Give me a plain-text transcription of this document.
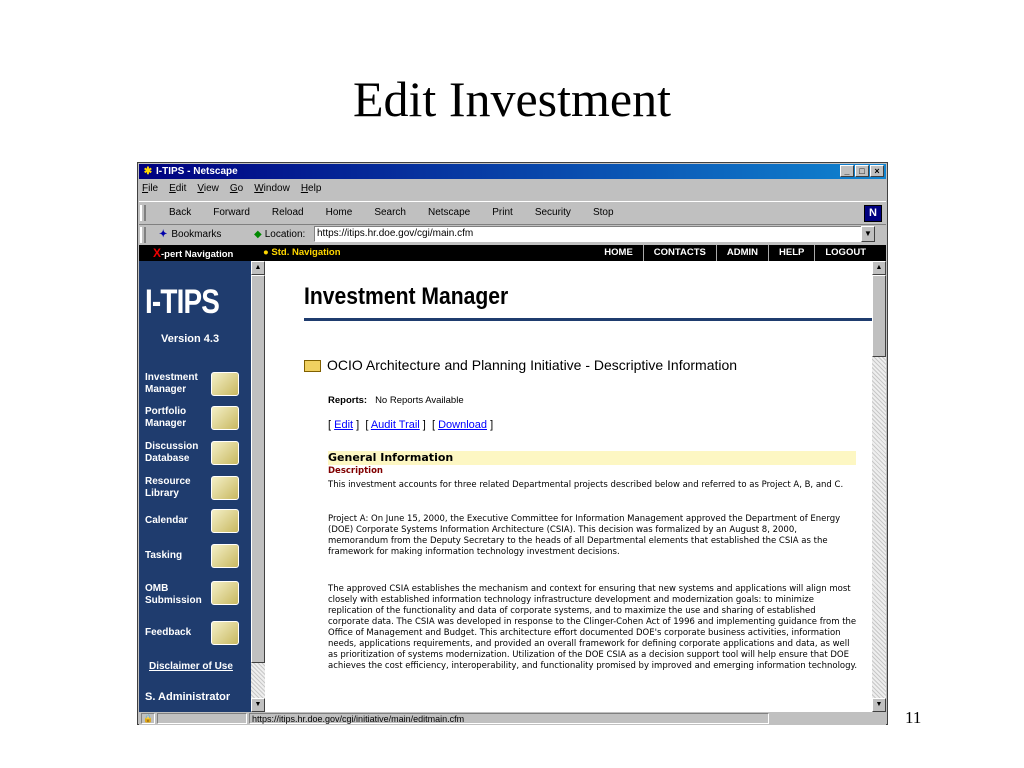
Edit Investment
11
✱ I-TIPS - Netscape	_	□	×
File Edit View Go Window Help
Back Forward Reload Home Search Netscape Print Security Stop	N
✦ Bookmarks	◆ Location:	https://itips.hr.doe.gov/cgi/main.cfm	▼
X-pert Navigation	● Std. Navigation	HOME	CONTACTS	ADMIN	HELP	LOGOUT
I-TIPS
Version 4.3
Investment
Manager
Portfolio
Manager
Discussion
Database
Resource
Library
Calendar
Tasking
OMB
Submission
Feedback
Disclaimer of Use
S. Administrator
▲
▼
Investment Manager
OCIO Architecture and Planning Initiative - Descriptive Information
Reports: No Reports Available
[ Edit ]  [ Audit Trail ]  [ Download ]
General Information
Description
This investment accounts for three related Departmental projects described below and referred to as Project A, B, and C.
Project A: On June 15, 2000, the Executive Committee for Information Management approved the Department of Energy (DOE) Corporate Systems Information Architecture (CSIA). This decision was formalized by an August 8, 2000, memorandum from the Deputy Secretary to the heads of all Departmental elements that established the CSIA as the framework for making information technology investment decisions.
The approved CSIA establishes the mechanism and context for ensuring that new systems and applications will align most closely with established information technology infrastructure development and modernization goals: to minimize replication of the functionality and data of corporate systems, and to maximize the use and sharing of established corporate data. The CSIA was developed in response to the Clinger-Cohen Act of 1996 and implementing guidance from the Office of Management and Budget. This architecture effort documented DOE's corporate business activities, information needs, applications requirements, and provided an overall framework for defining corporate applications and data, as well as prioritization of systems modernization. Utilization of the DOE CSIA as a decision support tool will help ensure that DOE achieves the cost efficiency, interoperability, and functionality promised by improved and emerging information technology.
▲
▼
🔒	https://itips.hr.doe.gov/cgi/initiative/main/editmain.cfm
